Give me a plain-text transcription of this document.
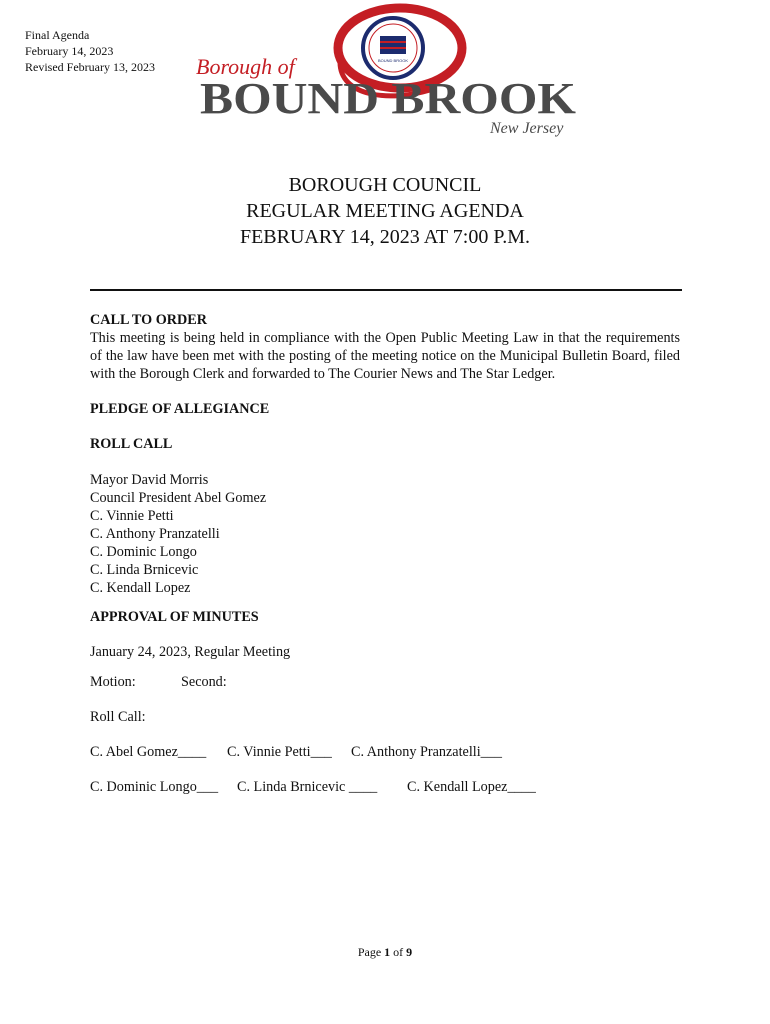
Final Agenda
February 14, 2023
Revised February 13, 2023	BOUND BROOK
Borough of
BOUND BROOK
New Jersey
BOROUGH COUNCIL
REGULAR MEETING AGENDA
FEBRUARY 14, 2023 AT 7:00 P.M.
CALL TO ORDER
This meeting is being held in compliance with the Open Public Meeting Law in that the requirements of the law have been met with the posting of the meeting notice on the Municipal Bulletin Board, filed with the Borough Clerk and forwarded to The Courier News and The Star Ledger.
PLEDGE OF ALLEGIANCE
ROLL CALL
Mayor David Morris
Council President Abel Gomez
C. Vinnie Petti
C. Anthony Pranzatelli
C. Dominic Longo
C. Linda Brnicevic
C. Kendall Lopez
APPROVAL OF MINUTES
January 24, 2023, Regular Meeting
Motion:	Second:
Roll Call:
C. Abel Gomez____ C. Vinnie Petti___ C. Anthony Pranzatelli___
C. Dominic Longo___ C. Linda Brnicevic ____ C. Kendall Lopez____
Page 1 of 9
